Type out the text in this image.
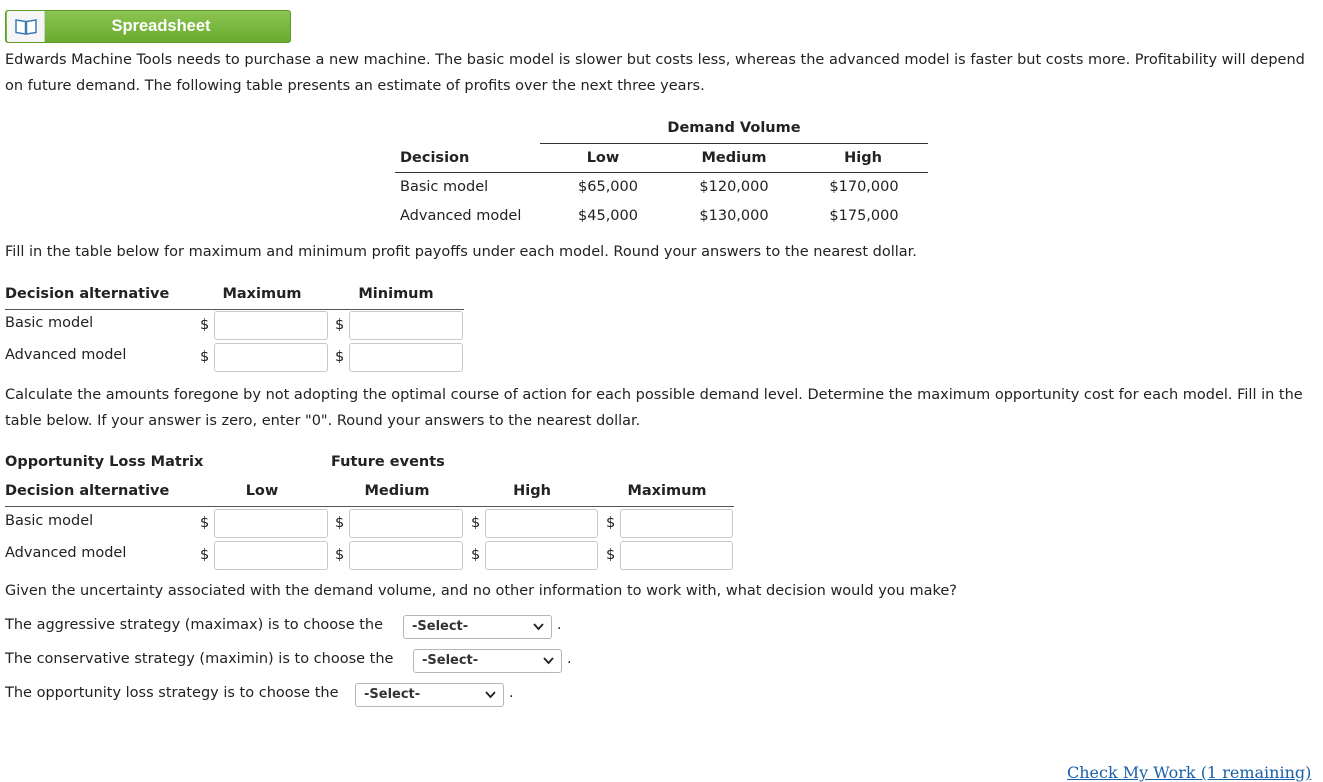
Spreadsheet
Edwards Machine Tools needs to purchase a new machine. The basic model is slower but costs less, whereas the advanced model is faster but costs more. Profitability will depend on future demand. The following table presents an estimate of profits over the next three years.
Demand Volume
Decision	Low	Medium	High
Basic model	$65,000	$120,000	$170,000
Advanced model	$45,000	$130,000	$175,000
Fill in the table below for maximum and minimum profit payoffs under each model. Round your answers to the nearest dollar.
Decision alternative	Maximum	Minimum
Basic model	$	$
Advanced model	$	$
Calculate the amounts foregone by not adopting the optimal course of action for each possible demand level. Determine the maximum opportunity cost for each model. Fill in the table below. If your answer is zero, enter "0". Round your answers to the nearest dollar.
Opportunity Loss Matrix	Future events
Decision alternative	Low	Medium	High	Maximum
Basic model	$	$	$	$
Advanced model	$	$	$	$
Given the uncertainty associated with the demand volume, and no other information to work with, what decision would you make?
The aggressive strategy (maximax) is to choose the -Select-	.
The conservative strategy (maximin) is to choose the -Select-	.
The opportunity loss strategy is to choose the -Select-	.
Check My Work (1 remaining)
